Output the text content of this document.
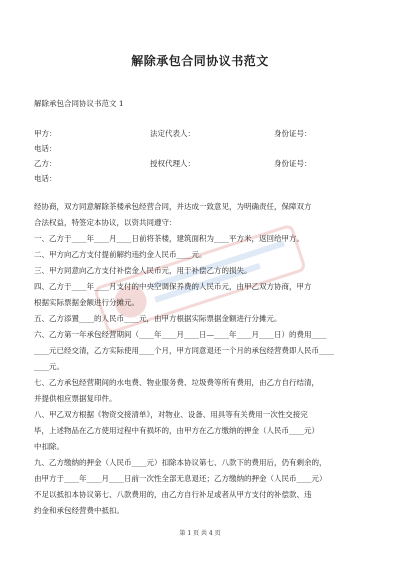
解除承包合同协议书范文
解除承包合同协议书范文 1
甲方：	法定代表人：	身份证号：
电话：
乙方：	授权代理人：	身份证号：
电话：
经协商，双方同意解除茶楼承包经营合同，并达成一致意见，为明确责任，保障双方
合法权益，特签定本协议，以资共同遵守：
一、乙方于____年____月____日前将茶楼，建筑面积为____平方米，返回给甲方。
二、甲方向乙方支付提前解约违约金人民币____元。
三、甲方同意向乙方支付补偿金人民币元，用于补偿乙方的损失。
四、乙方于____年____月支付的中央空调保养费的人民币元，由甲乙双方协商，甲方
根据实际票据金额进行分摊元。
五、乙方添置____的人民币____元，由甲方根据实际票据金额进行分摊元。
六、乙方第一年承包经营期间（____年____月____日—____年____月____日）的费用____
____元已经交清，乙方实际使用____个月，甲方同意退还一个月的承包经营费即人民币____
____元。
七、乙方承包经营期间的水电费、物业服务费、垃圾费等所有费用，由乙方自行结清，
并提供相应票据复印件。
八、甲乙双方根据《物资交接清单》，对物业、设备、用具等有关费用一次性交接完
毕，上述物品在乙方使用过程中有损坏的，由甲方在乙方缴纳的押金（人民币____元）
中扣除。
九、乙方缴纳的押金（人民币____元）扣除本协议第七、八款下的费用后，仍有剩余的，
由甲方于____年____月____日前一次性全部无息退还；乙方缴纳的押金（人民币____元）
不足以抵扣本协议第七、八款费用的，由乙方自行补足或者从甲方支付的补偿款、违
约金和承包经营费中抵扣。
第 1 页 共 4 页
